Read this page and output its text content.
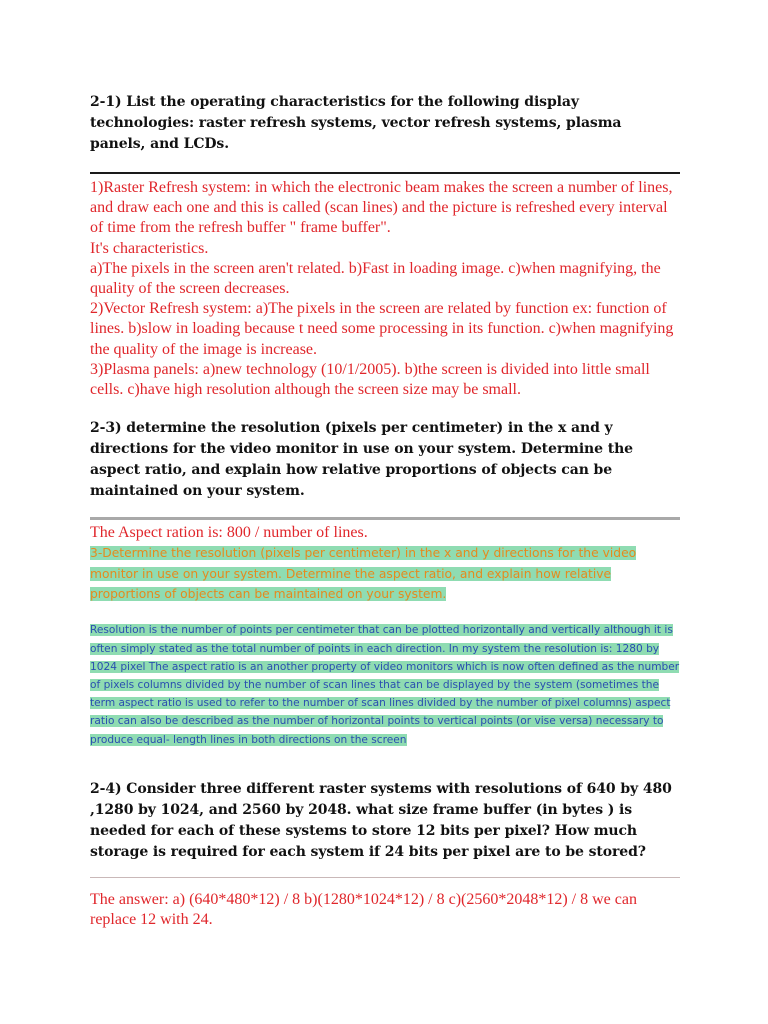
2-1) List the operating characteristics for the following display technologies: raster refresh systems, vector refresh systems, plasma panels, and LCDs.

1)Raster Refresh system: in which the electronic beam makes the screen a number of lines, and draw each one and this is called (scan lines) and the picture is refreshed every interval of time from the refresh buffer " frame buffer".

It's characteristics.

a)The pixels in the screen aren't related. b)Fast in loading image. c)when magnifying, the quality of the screen decreases.

2)Vector Refresh system: a)The pixels in the screen are related by function ex: function of lines. b)slow in loading because t need some processing in its function. c)when magnifying the quality of the image is increase.

3)Plasma panels: a)new technology (10/1/2005). b)the screen is divided into little small cells. c)have high resolution although the screen size may be small.

2-3) determine the resolution (pixels per centimeter) in the x and y directions for the video monitor in use on your system. Determine the aspect ratio, and explain how relative proportions of objects can be maintained on your system.

The Aspect ration is: 800 / number of lines.

3-Determine the resolution (pixels per centimeter) in the x and y directions for the video monitor in use on your system. Determine the aspect ratio, and explain how relative proportions of objects can be maintained on your system.

Resolution is the number of points per centimeter that can be plotted horizontally and vertically although it is often simply stated as the total number of points in each direction. In my system the resolution is: 1280 by 1024 pixel The aspect ratio is an another property of video monitors which is now often defined as the number of pixels columns divided by the number of scan lines that can be displayed by the system (sometimes the term aspect ratio is used to refer to the number of scan lines divided by the number of pixel columns) aspect ratio can also be described as the number of horizontal points to vertical points (or vise versa) necessary to produce equal- length lines in both directions on the screen

2-4) Consider three different raster systems with resolutions of 640 by 480 ,1280 by 1024, and 2560 by 2048. what size frame buffer (in bytes ) is needed for each of these systems to store 12 bits per pixel? How much storage is required for each system if 24 bits per pixel are to be stored?

The answer: a) (640*480*12) / 8 b)(1280*1024*12) / 8 c)(2560*2048*12) / 8 we can replace 12 with 24.
